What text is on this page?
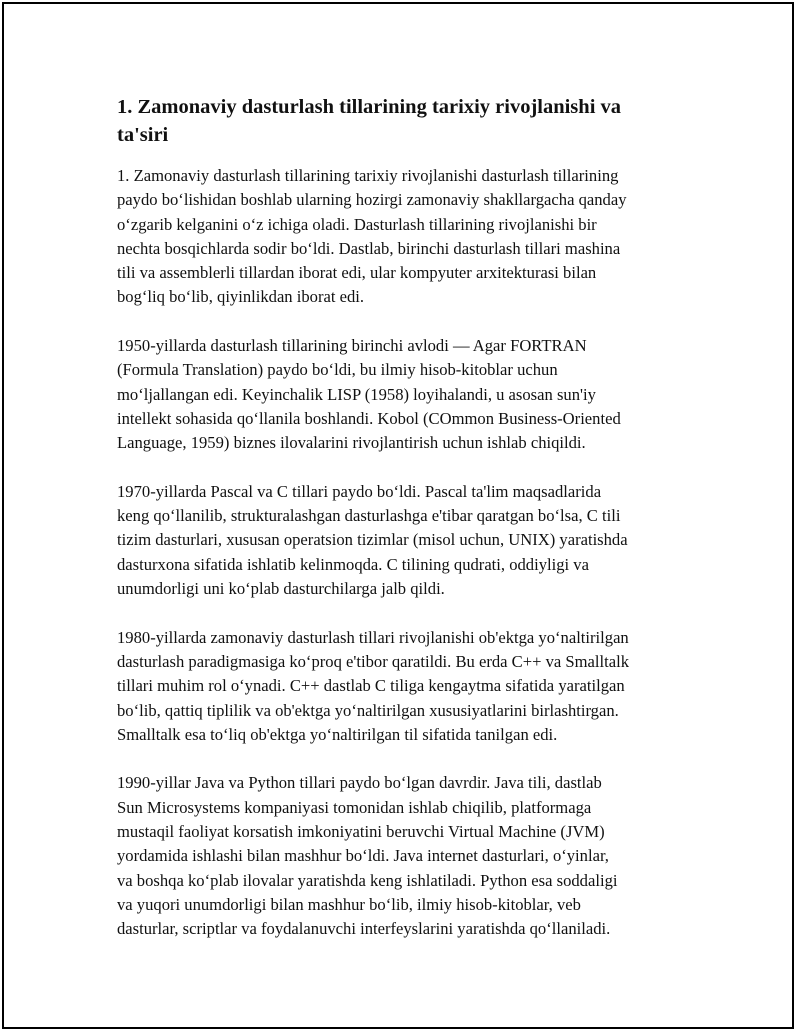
1. Zamonaviy dasturlash tillarining tarixiy rivojlanishi va
ta'siri

1. Zamonaviy dasturlash tillarining tarixiy rivojlanishi dasturlash tillarining
paydo bo‘lishidan boshlab ularning hozirgi zamonaviy shakllargacha qanday
o‘zgarib kelganini o‘z ichiga oladi. Dasturlash tillarining rivojlanishi bir
nechta bosqichlarda sodir bo‘ldi. Dastlab, birinchi dasturlash tillari mashina
tili va assemblerli tillardan iborat edi, ular kompyuter arxitekturasi bilan
bog‘liq bo‘lib, qiyinlikdan iborat edi.

1950-yillarda dasturlash tillarining birinchi avlodi — Agar FORTRAN
(Formula Translation) paydo bo‘ldi, bu ilmiy hisob-kitoblar uchun
mo‘ljallangan edi. Keyinchalik LISP (1958) loyihalandi, u asosan sun'iy
intellekt sohasida qo‘llanila boshlandi. Kobol (COmmon Business-Oriented
Language, 1959) biznes ilovalarini rivojlantirish uchun ishlab chiqildi.

1970-yillarda Pascal va C tillari paydo bo‘ldi. Pascal ta'lim maqsadlarida
keng qo‘llanilib, strukturalashgan dasturlashga e'tibar qaratgan bo‘lsa, C tili
tizim dasturlari, xususan operatsion tizimlar (misol uchun, UNIX) yaratishda
dasturxona sifatida ishlatib kelinmoqda. C tilining qudrati, oddiyligi va
unumdorligi uni ko‘plab dasturchilarga jalb qildi.

1980-yillarda zamonaviy dasturlash tillari rivojlanishi ob'ektga yo‘naltirilgan
dasturlash paradigmasiga ko‘proq e'tibor qaratildi. Bu erda C++ va Smalltalk
tillari muhim rol o‘ynadi. C++ dastlab C tiliga kengaytma sifatida yaratilgan
bo‘lib, qattiq tiplilik va ob'ektga yo‘naltirilgan xususiyatlarini birlashtirgan.
Smalltalk esa to‘liq ob'ektga yo‘naltirilgan til sifatida tanilgan edi.

1990-yillar Java va Python tillari paydo bo‘lgan davrdir. Java tili, dastlab
Sun Microsystems kompaniyasi tomonidan ishlab chiqilib, platformaga
mustaqil faoliyat korsatish imkoniyatini beruvchi Virtual Machine (JVM)
yordamida ishlashi bilan mashhur bo‘ldi. Java internet dasturlari, o‘yinlar,
va boshqa ko‘plab ilovalar yaratishda keng ishlatiladi. Python esa soddaligi
va yuqori unumdorligi bilan mashhur bo‘lib, ilmiy hisob-kitoblar, veb
dasturlar, scriptlar va foydalanuvchi interfeyslarini yaratishda qo‘llaniladi.
